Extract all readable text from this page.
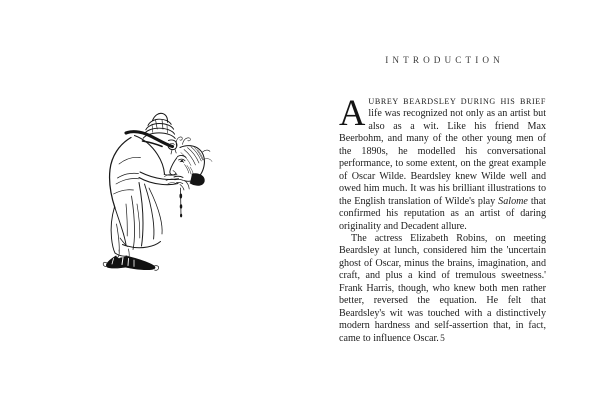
INTRODUCTION

AUBREY BEARDSLEY DURING HIS BRIEF life was recognized not only as an artist but also as a wit. Like his friend Max Beerbohm, and many of the other young men of the 1890s, he modelled his conversational performance, to some extent, on the great example of Oscar Wilde. Beardsley knew Wilde well and owed him much. It was his brilliant illustrations to the English translation of Wilde's play Salome that confirmed his reputation as an artist of daring originality and Decadent allure.

The actress Elizabeth Robins, on meeting Beardsley at lunch, considered him the 'uncertain ghost of Oscar, minus the brains, imagination, and craft, and plus a kind of tremulous sweetness.' Frank Harris, though, who knew both men rather better, reversed the equation. He felt that Beardsley's wit was touched with a distinctively modern hardness and self-assertion that, in fact, came to influence Oscar. 5
